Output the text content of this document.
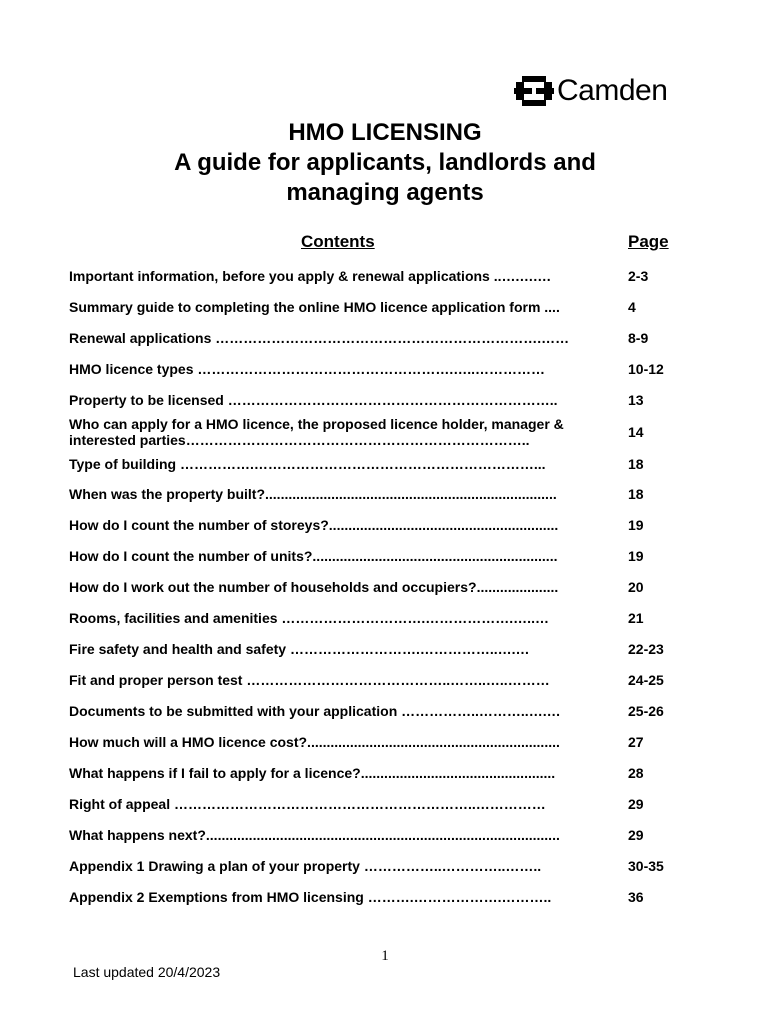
Camden
HMO LICENSING
A guide for applicants, landlords and
managing agents
Contents	Page
Important information, before you apply & renewal applications ..….….…	2-3
Summary guide to completing the online HMO licence application form ....	4
Renewal applications …………………………………………………………….……	8-9
HMO licence types ……………………………………………….…..……………	10-12
Property to be licensed ……………………………………………………………..	13
Who can apply for a HMO licence, the proposed licence holder, manager & interested parties………………………………………………………………..	14
Type of building …………….……………………………………………………...	18
When was the property built?...........................................................................	18
How do I count the number of storeys?...........................................................	19
How do I count the number of units?...............................................................	19
How do I work out the number of households and occupiers?.....................	20
Rooms, facilities and amenities ………………………….……………….…..…	21
Fire safety and health and safety ……………………….……………..….…	22-23
Fit and proper person test ……………………………………..……..…..………	24-25
Documents to be submitted with your application ……………..………..….…	25-26
How much will a HMO licence cost?.................................................................	27
What happens if I fail to apply for a licence?..................................................	28
Right of appeal ………………………………………………………..……………	29
What happens next?...........................................................................................	29
Appendix 1 Drawing a plan of your property ……………..…………..……..	30-35
Appendix 2 Exemptions from HMO licensing ……….……………….………..	36
1
Last updated 20/4/2023
